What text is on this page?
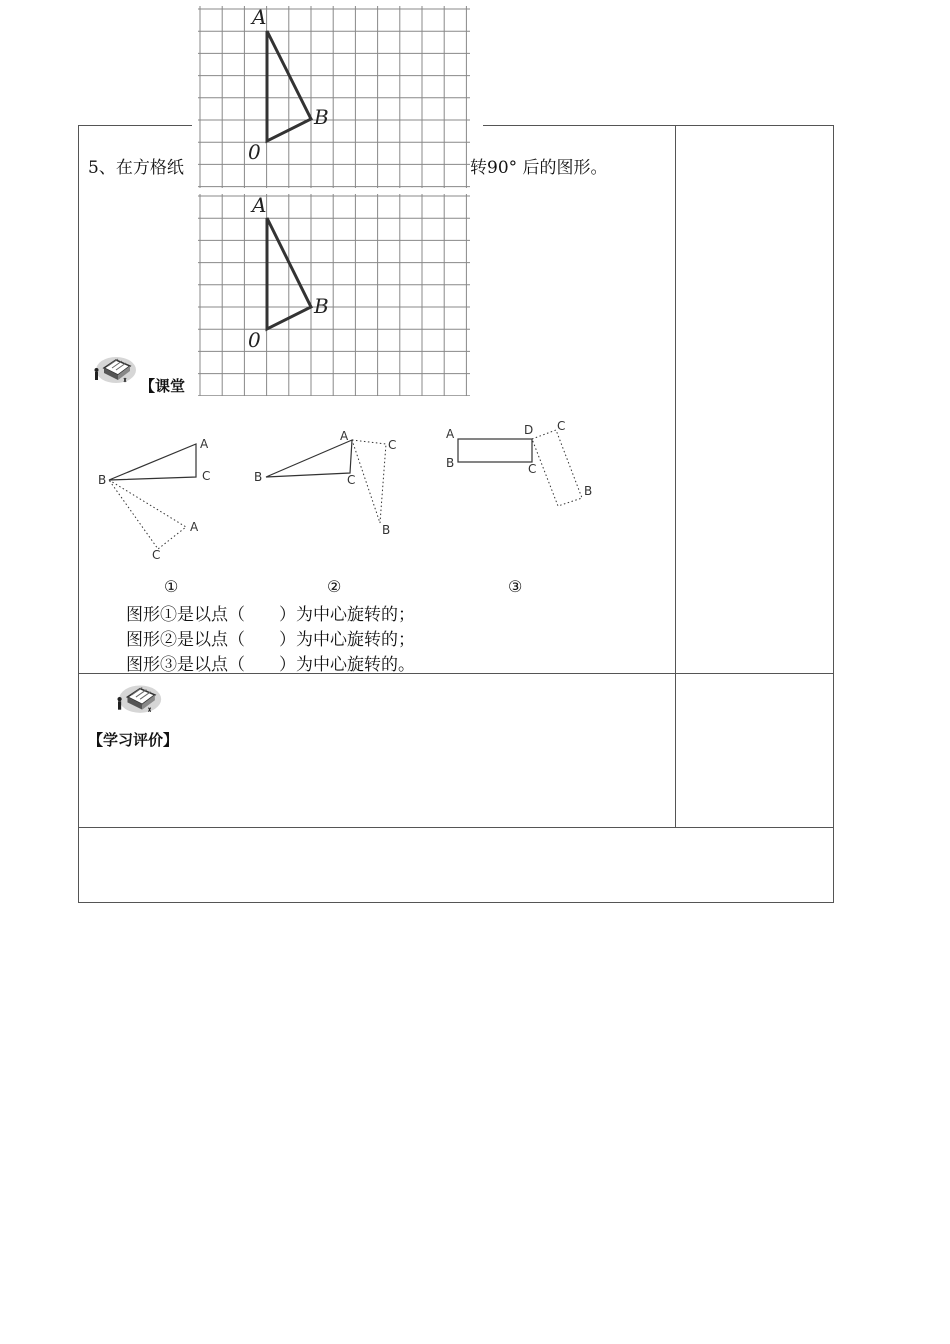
5、在方格纸	转90° 后的图形。
A
B
0
A
B
0
【课堂
A
B	C
A
C
A
B	C
C
B
A
B
D
C
C
B
①	②	③
图形①是以点（　　）为中心旋转的；
图形②是以点（　　）为中心旋转的；
图形③是以点（　　）为中心旋转的。
【学习评价】
